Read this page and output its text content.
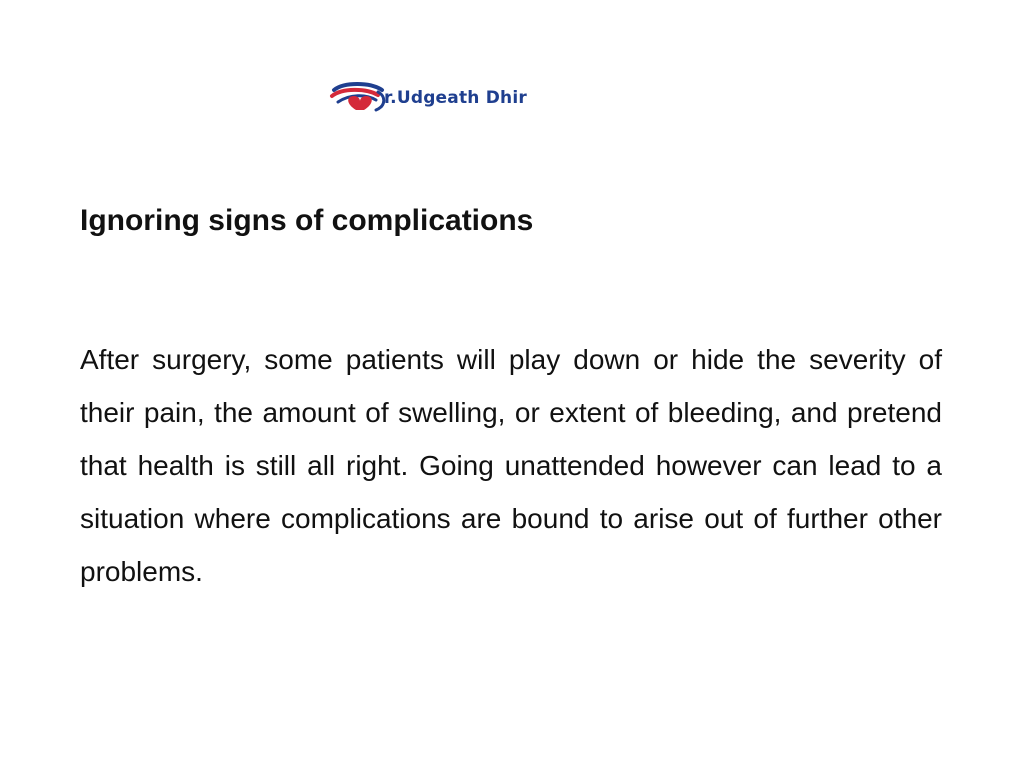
r.Udgeath Dhir
Ignoring signs of complications

After surgery, some patients will play down or hide the severity of their pain, the amount of swelling, or extent of bleeding, and pretend that health is still all right. Going unattended however can lead to a situation where complications are bound to arise out of further other problems.
